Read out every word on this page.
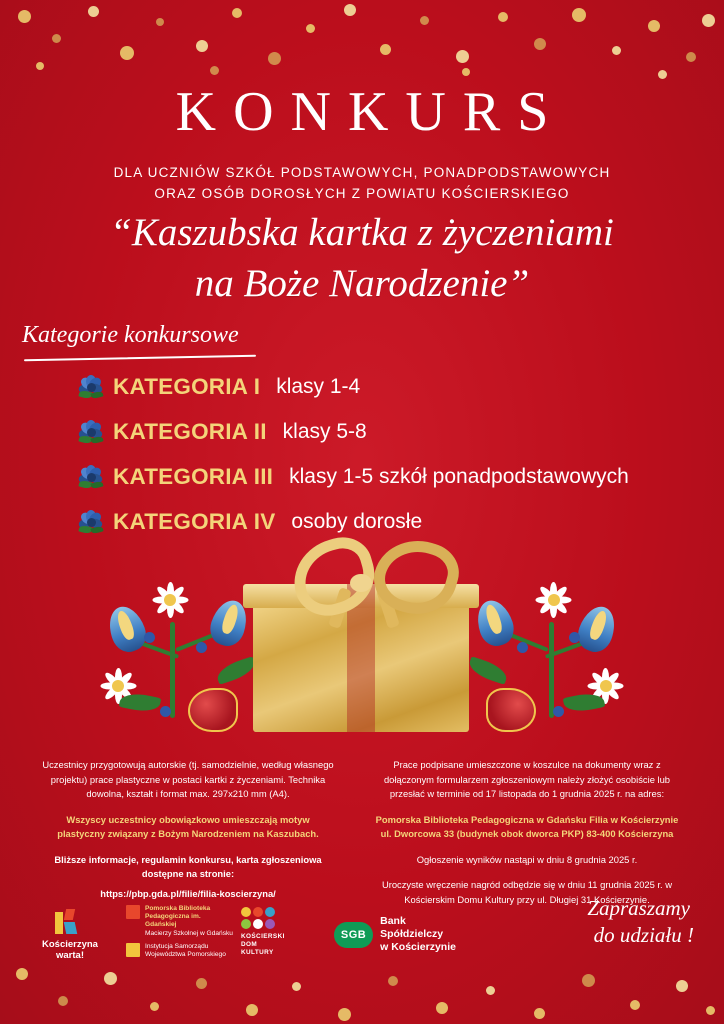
KONKURS
DLA UCZNIÓW SZKÓŁ PODSTAWOWYCH, PONADPODSTAWOWYCH
ORAZ OSÓB DOROSŁYCH Z POWIATU KOŚCIERSKIEGO
“Kaszubska kartka z życzeniami
na Boże Narodzenie”
Kategorie konkursowe
KATEGORIA I klasy 1-4
KATEGORIA II klasy 5-8
KATEGORIA III klasy 1-5 szkół ponadpodstawowych
KATEGORIA IV osoby dorosłe

Uczestnicy przygotowują autorskie (tj. samodzielnie, według własnego projektu) prace plastyczne w postaci kartki z życzeniami. Technika dowolna, kształt i format max. 297x210 mm (A4).

Wszyscy uczestnicy obowiązkowo umieszczają motyw plastyczny związany z Bożym Narodzeniem na Kaszubach.

Bliższe informacje, regulamin konkursu, karta zgłoszeniowa dostępne na stronie:

https://pbp.gda.pl/filie/filia-koscierzyna/

Prace podpisane umieszczone w koszulce na dokumenty wraz z dołączonym formularzem zgłoszeniowym należy złożyć osobiście lub przesłać w terminie od 17 listopada do 1 grudnia 2025 r. na adres:

Pomorska Biblioteka Pedagogiczna w Gdańsku Filia w Kościerzynie ul. Dworcowa 33 (budynek obok dworca PKP) 83-400 Kościerzyna

Ogłoszenie wyników nastąpi w dniu 8 grudnia 2025 r.

Uroczyste wręczenie nagród odbędzie się w dniu 11 grudnia 2025 r. w Kościerskim Domu Kultury przy ul. Długiej 31 Kościerzynie.

Kościerzyna
warta!
Pomorska Biblioteka
Pedagogiczna im. Gdańskiej
Macierzy Szkolnej w Gdańsku
Instytucja Samorządu
Województwa Pomorskiego
KOŚCIERSKI
DOM
KULTURY
SGB
Bank Spółdzielczy
w Kościerzynie
Zapraszamy
do udziału !
